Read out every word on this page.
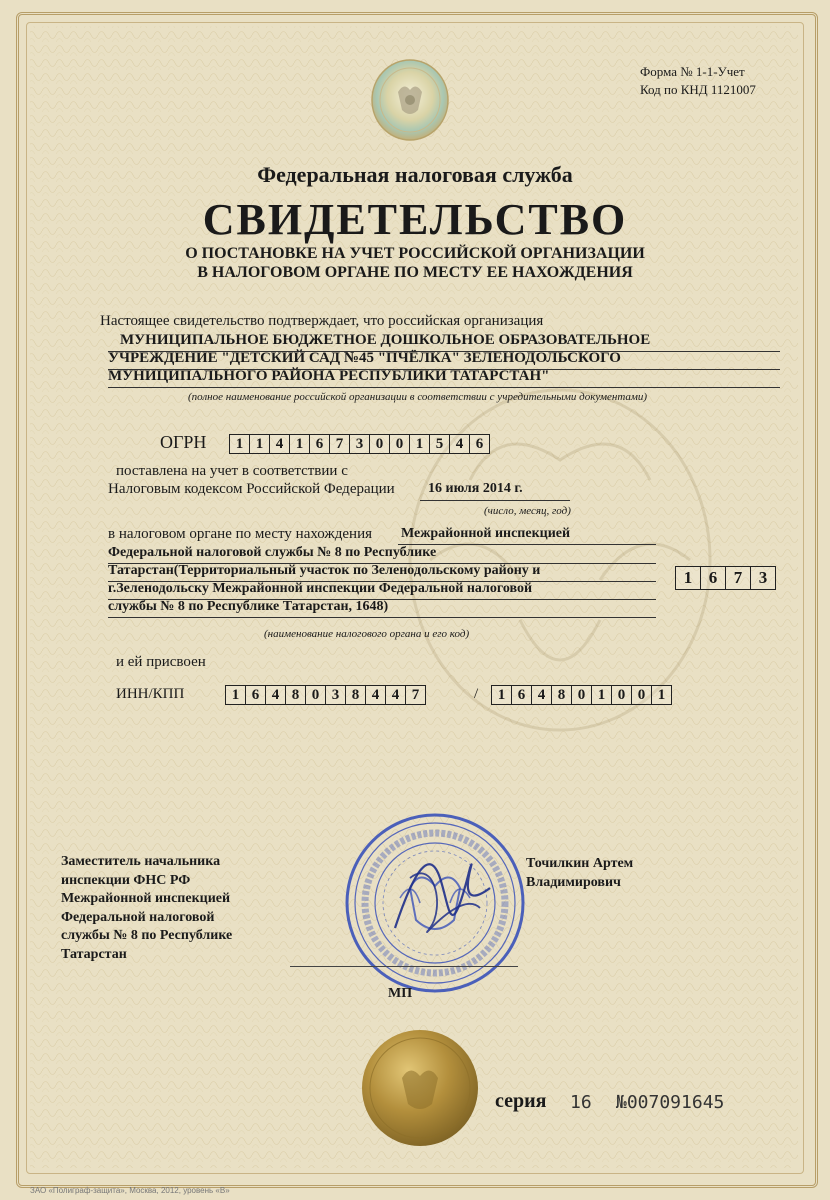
Форма № 1-1-Учет
Код по КНД 1121007
Федеральная налоговая служба
СВИДЕТЕЛЬСТВО
О ПОСТАНОВКЕ НА УЧЕТ РОССИЙСКОЙ ОРГАНИЗАЦИИ
В НАЛОГОВОМ ОРГАНЕ ПО МЕСТУ ЕЕ НАХОЖДЕНИЯ
Настоящее свидетельство подтверждает, что российская организация
МУНИЦИПАЛЬНОЕ БЮДЖЕТНОЕ ДОШКОЛЬНОЕ ОБРАЗОВАТЕЛЬНОЕ
УЧРЕЖДЕНИЕ "ДЕТСКИЙ САД №45 "ПЧЁЛКА" ЗЕЛЕНОДОЛЬСКОГО
МУНИЦИПАЛЬНОГО РАЙОНА РЕСПУБЛИКИ ТАТАРСТАН"
(полное наименование российской организации в соответствии с учредительными документами)
ОГРН	1 1 4 1 6 7 3 0 0 1 5 4 6
поставлена на учет в соответствии с
Налоговым кодексом Российской Федерации 16 июля 2014 г.
(число, месяц, год)
в налоговом органе по месту нахождения Межрайонной инспекцией
Федеральной налоговой службы № 8 по Республике
Татарстан(Территориальный участок по Зеленодольскому району и
г.Зеленодольску Межрайонной инспекции Федеральной налоговой
службы № 8 по Республике Татарстан, 1648)
1 6 7 3
(наименование налогового органа и его код)
и ей присвоен
ИНН/КПП	1 6 4 8 0 3 8 4 4 7	/	1 6 4 8 0 1 0 0 1
Заместитель начальника
инспекции ФНС РФ
Межрайонной инспекцией
Федеральной налоговой
службы № 8 по Республике
Татарстан
Точилкин Артем
Владимирович
МП
серия 16 №007091645
ЗАО «Полиграф-защита», Москва, 2012, уровень «В»
